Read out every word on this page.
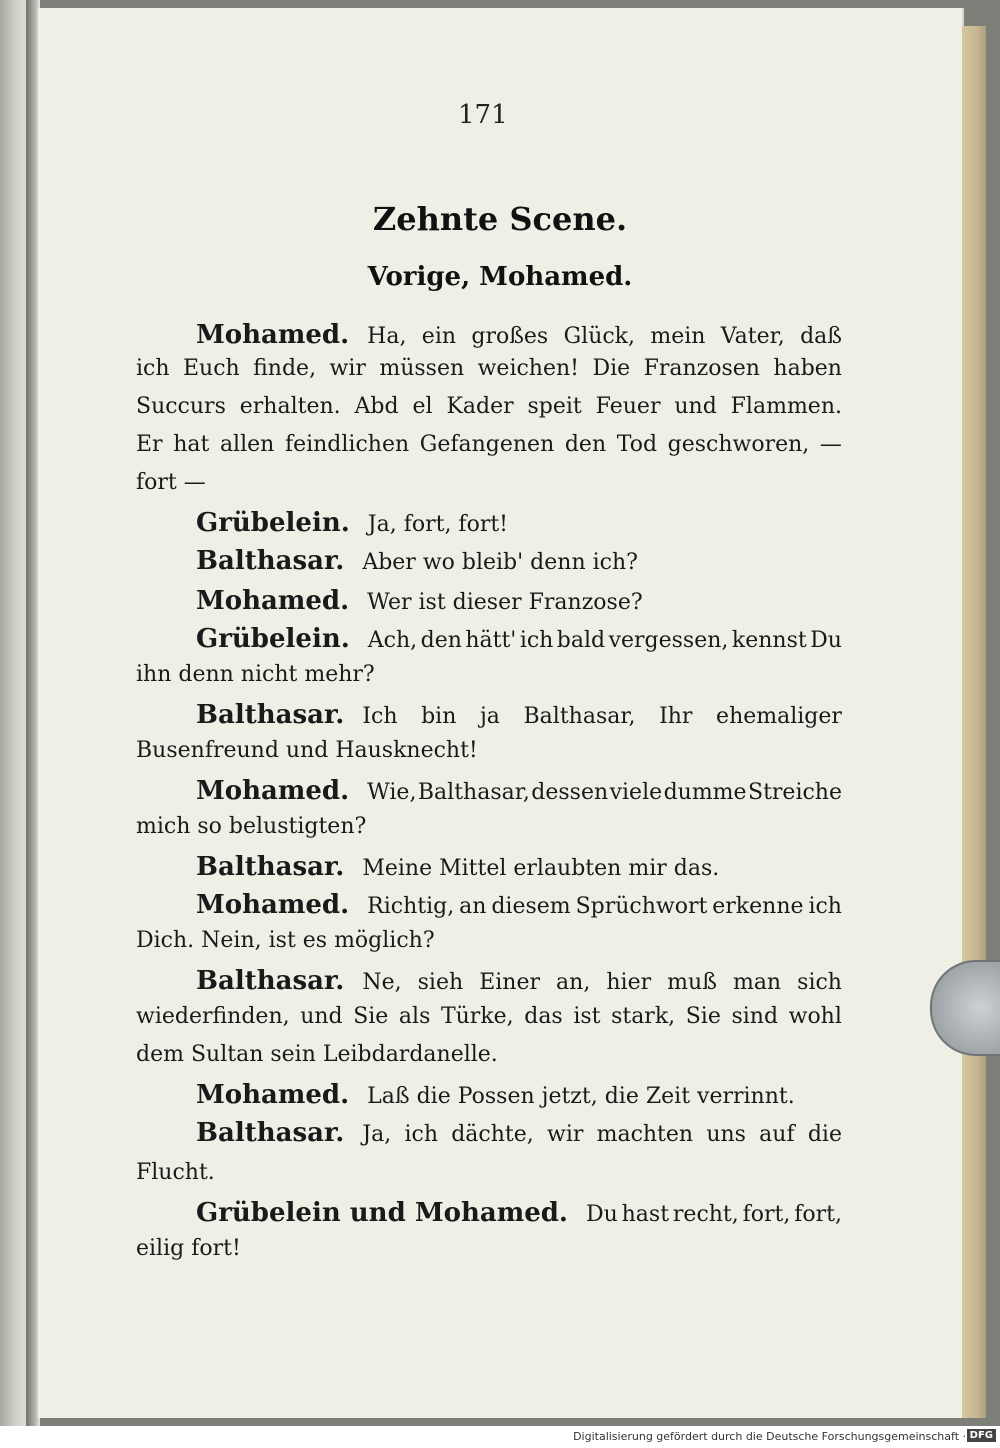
171
Zehnte Scene.
Vorige, Mohamed.
Mohamed. Ha, ein großes Glück, mein Vater, daß
ich Euch finde, wir müssen weichen! Die Franzosen haben
Succurs erhalten. Abd el Kader speit Feuer und Flammen.
Er hat allen feindlichen Gefangenen den Tod geschworen, —
fort —
Grübelein. Ja, fort, fort!
Balthasar. Aber wo bleib' denn ich?
Mohamed. Wer ist dieser Franzose?
Grübelein. Ach, den hätt' ich bald vergessen, kennst Du
ihn denn nicht mehr?
Balthasar. Ich bin ja Balthasar, Ihr ehemaliger
Busenfreund und Hausknecht!
Mohamed. Wie, Balthasar, dessen viele dumme Streiche
mich so belustigten?
Balthasar. Meine Mittel erlaubten mir das.
Mohamed. Richtig, an diesem Sprüchwort erkenne ich
Dich. Nein, ist es möglich?
Balthasar. Ne, sieh Einer an, hier muß man sich
wiederfinden, und Sie als Türke, das ist stark, Sie sind wohl
dem Sultan sein Leibdardanelle.
Mohamed. Laß die Possen jetzt, die Zeit verrinnt.
Balthasar. Ja, ich dächte, wir machten uns auf die
Flucht.
Grübelein und Mohamed. Du hast recht, fort, fort,
eilig fort!
Digitalisierung gefördert durch die Deutsche Forschungsgemeinschaft · DFG
